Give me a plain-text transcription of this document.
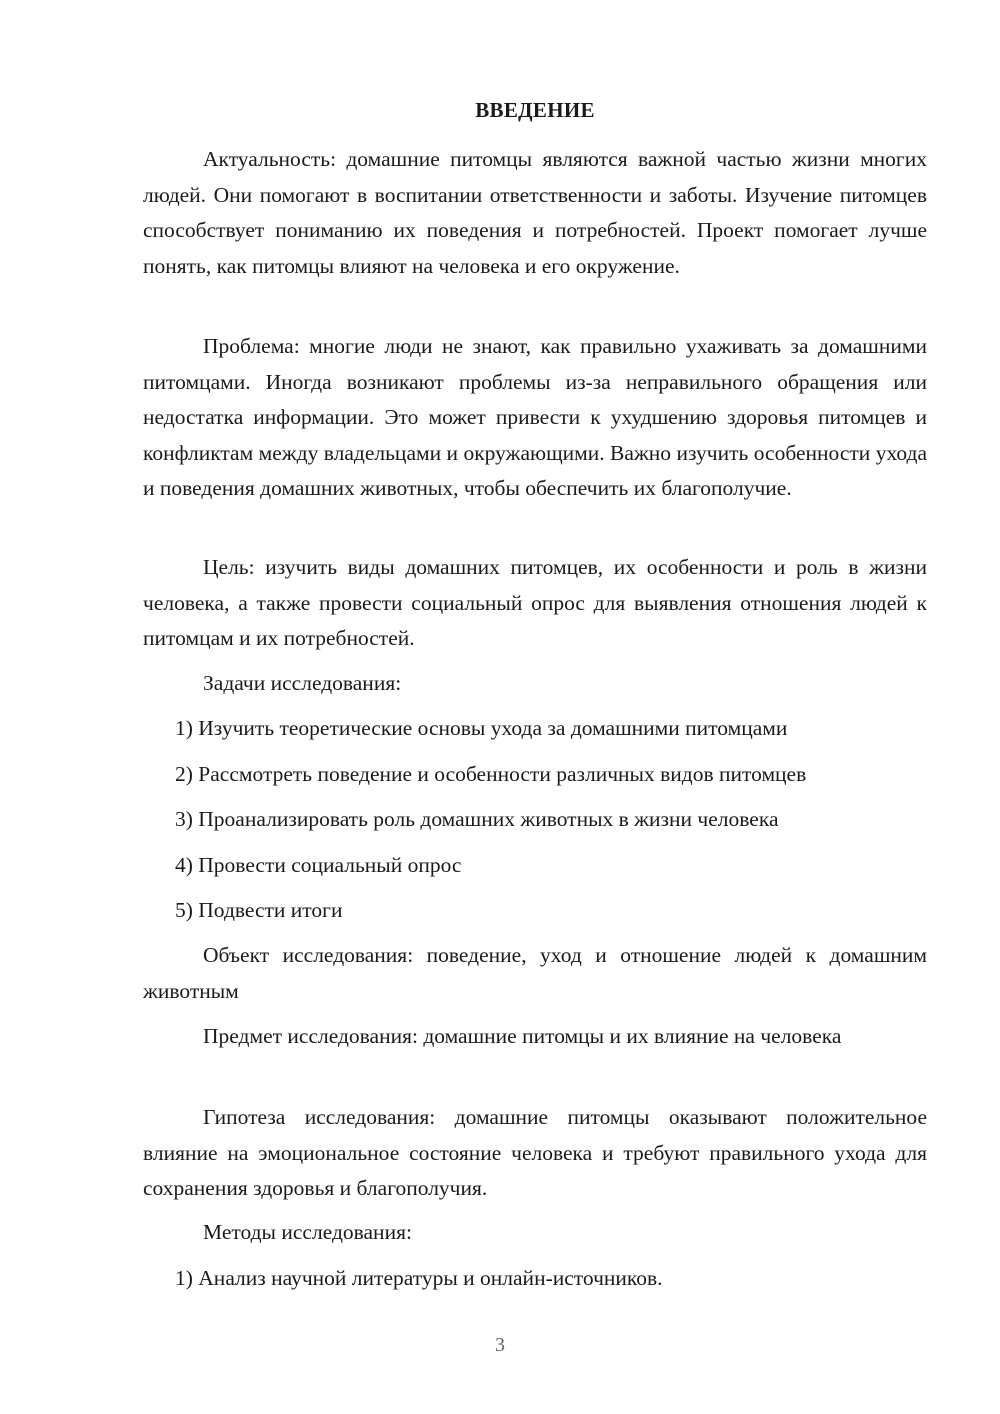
ВВЕДЕНИЕ

Актуальность: домашние питомцы являются важной частью жизни многих людей. Они помогают в воспитании ответственности и заботы. Изучение питомцев способствует пониманию их поведения и потребностей. Проект помогает лучше понять, как питомцы влияют на человека и его окружение.

Проблема: многие люди не знают, как правильно ухаживать за домашними питомцами. Иногда возникают проблемы из-за неправильного обращения или недостатка информации. Это может привести к ухудшению здоровья питомцев и конфликтам между владельцами и окружающими. Важно изучить особенности ухода и поведения домашних животных, чтобы обеспечить их благополучие.

Цель: изучить виды домашних питомцев, их особенности и роль в жизни человека, а также провести социальный опрос для выявления отношения людей к питомцам и их потребностей.

Задачи исследования:

1) Изучить теоретические основы ухода за домашними питомцами

2) Рассмотреть поведение и особенности различных видов питомцев

3) Проанализировать роль домашних животных в жизни человека

4) Провести социальный опрос

5) Подвести итоги

Объект исследования: поведение, уход и отношение людей к домашним животным

Предмет исследования: домашние питомцы и их влияние на человека

Гипотеза исследования: домашние питомцы оказывают положительное влияние на эмоциональное состояние человека и требуют правильного ухода для сохранения здоровья и благополучия.

Методы исследования:

1) Анализ научной литературы и онлайн-источников.

3
